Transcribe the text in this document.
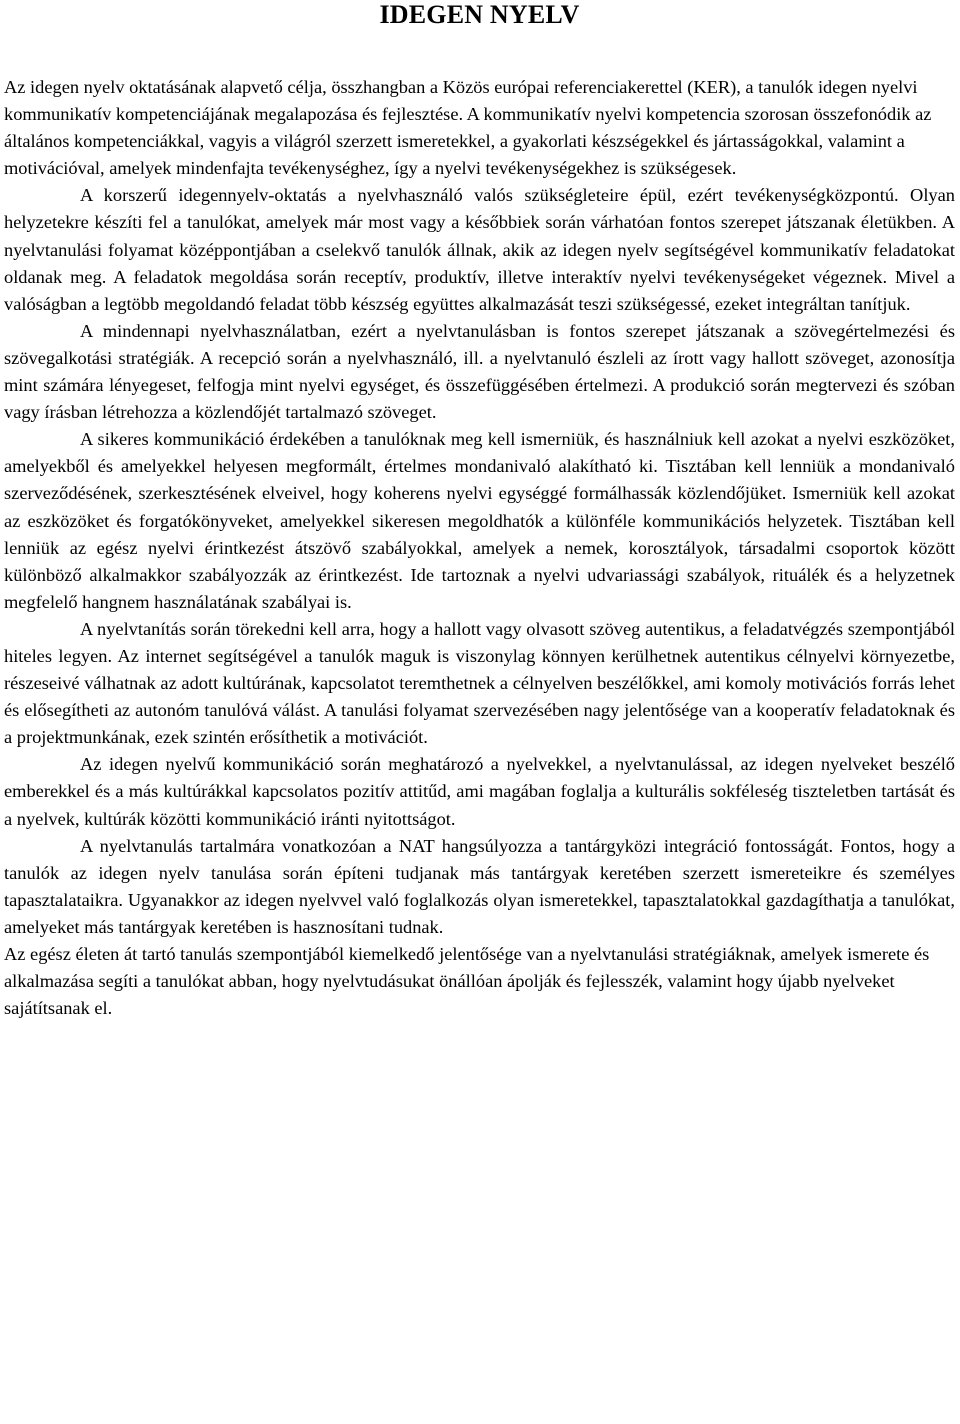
IDEGEN NYELV

Az idegen nyelv oktatásának alapvető célja, összhangban a Közös európai referenciakerettel (KER), a tanulók idegen nyelvi kommunikatív kompetenciájának megalapozása és fejlesztése. A kommunikatív nyelvi kompetencia szorosan összefonódik az általános kompetenciákkal, vagyis a világról szerzett ismeretekkel, a gyakorlati készségekkel és jártasságokkal, valamint a motivációval, amelyek mindenfajta tevékenységhez, így a nyelvi tevékenységekhez is szükségesek.

A korszerű idegennyelv-oktatás a nyelvhasználó valós szükségleteire épül, ezért tevékenységközpontú. Olyan helyzetekre készíti fel a tanulókat, amelyek már most vagy a későbbiek során várhatóan fontos szerepet játszanak életükben. A nyelvtanulási folyamat középpontjában a cselekvő tanulók állnak, akik az idegen nyelv segítségével kommunikatív feladatokat oldanak meg. A feladatok megoldása során receptív, produktív, illetve interaktív nyelvi tevékenységeket végeznek. Mivel a valóságban a legtöbb megoldandó feladat több készség együttes alkalmazását teszi szükségessé, ezeket integráltan tanítjuk.

A mindennapi nyelvhasználatban, ezért a nyelvtanulásban is fontos szerepet játszanak a szövegértelmezési és szövegalkotási stratégiák. A recepció során a nyelvhasználó, ill. a nyelvtanuló észleli az írott vagy hallott szöveget, azonosítja mint számára lényegeset, felfogja mint nyelvi egységet, és összefüggésében értelmezi. A produkció során megtervezi és szóban vagy írásban létrehozza a közlendőjét tartalmazó szöveget.

A sikeres kommunikáció érdekében a tanulóknak meg kell ismerniük, és használniuk kell azokat a nyelvi eszközöket, amelyekből és amelyekkel helyesen megformált, értelmes mondanivaló alakítható ki. Tisztában kell lenniük a mondanivaló szerveződésének, szerkesztésének elveivel, hogy koherens nyelvi egységgé formálhassák közlendőjüket. Ismerniük kell azokat az eszközöket és forgatókönyveket, amelyekkel sikeresen megoldhatók a különféle kommunikációs helyzetek. Tisztában kell lenniük az egész nyelvi érintkezést átszövő szabályokkal, amelyek a nemek, korosztályok, társadalmi csoportok között különböző alkalmakkor szabályozzák az érintkezést. Ide tartoznak a nyelvi udvariassági szabályok, rituálék és a helyzetnek megfelelő hangnem használatának szabályai is.

A nyelvtanítás során törekedni kell arra, hogy a hallott vagy olvasott szöveg autentikus, a feladatvégzés szempontjából hiteles legyen. Az internet segítségével a tanulók maguk is viszonylag könnyen kerülhetnek autentikus célnyelvi környezetbe, részeseivé válhatnak az adott kultúrának, kapcsolatot teremthetnek a célnyelven beszélőkkel, ami komoly motivációs forrás lehet és elősegítheti az autonóm tanulóvá válást. A tanulási folyamat szervezésében nagy jelentősége van a kooperatív feladatoknak és a projektmunkának, ezek szintén erősíthetik a motivációt.

Az idegen nyelvű kommunikáció során meghatározó a nyelvekkel, a nyelvtanulással, az idegen nyelveket beszélő emberekkel és a más kultúrákkal kapcsolatos pozitív attitűd, ami magában foglalja a kulturális sokféleség tiszteletben tartását és a nyelvek, kultúrák közötti kommunikáció iránti nyitottságot.

A nyelvtanulás tartalmára vonatkozóan a NAT hangsúlyozza a tantárgyközi integráció fontosságát. Fontos, hogy a tanulók az idegen nyelv tanulása során építeni tudjanak más tantárgyak keretében szerzett ismereteikre és személyes tapasztalataikra. Ugyanakkor az idegen nyelvvel való foglalkozás olyan ismeretekkel, tapasztalatokkal gazdagíthatja a tanulókat, amelyeket más tantárgyak keretében is hasznosítani tudnak.

Az egész életen át tartó tanulás szempontjából kiemelkedő jelentősége van a nyelvtanulási stratégiáknak, amelyek ismerete és alkalmazása segíti a tanulókat abban, hogy nyelvtudásukat önállóan ápolják és fejlesszék, valamint hogy újabb nyelveket sajátítsanak el.
